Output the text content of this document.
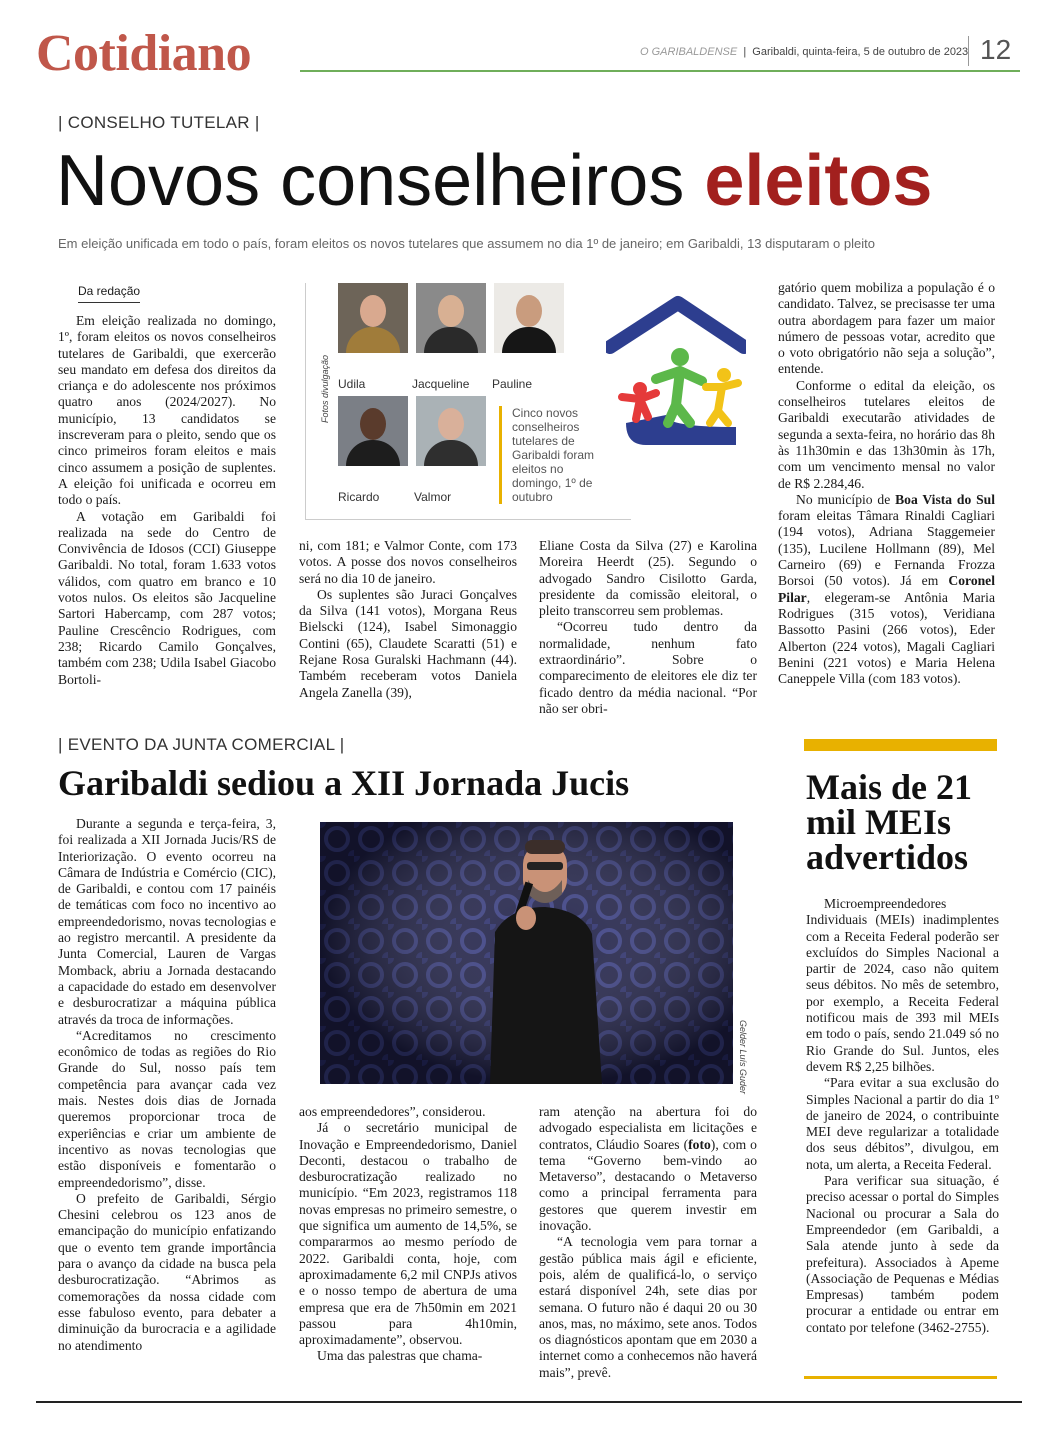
Cotidiano	O GARIBALDENSE  |  Garibaldi, quinta-feira, 5 de outubro de 2023 12
| CONSELHO TUTELAR |
Novos conselheiros eleitos
Em eleição unificada em todo o país, foram eleitos os novos tutelares que assumem no dia 1º de janeiro; em Garibaldi, 13 disputaram o pleito
Da redação

Em eleição realizada no domingo, 1º, foram eleitos os novos conselheiros tutelares de Garibaldi, que exercerão seu mandato em defesa dos direitos da criança e do adolescente nos próximos quatro anos (2024/2027). No município, 13 candidatos se inscreveram para o pleito, sendo que os cinco primeiros foram eleitos e mais cinco assumem a posição de suplentes. A eleição foi unificada e ocorreu em todo o país.

A votação em Garibaldi foi realizada na sede do Centro de Convivência de Idosos (CCI) Giuseppe Garibaldi. No total, foram 1.633 votos válidos, com quatro em branco e 10 votos nulos. Os eleitos são Jacqueline Sartori Habercamp, com 287 votos; Pauline Crescêncio Rodrigues, com 238; Ricardo Camilo Gonçalves, também com 238; Udila Isabel Giacobo Bortoli-

ni, com 181; e Valmor Conte, com 173 votos. A posse dos novos conselheiros será no dia 10 de janeiro.

Os suplentes são Juraci Gonçalves da Silva (141 votos), Morgana Reus Bielscki (124), Isabel Simonaggio Contini (65), Claudete Scaratti (51) e Rejane Rosa Guralski Hachmann (44). Também receberam votos Daniela Angela Zanella (39),

Eliane Costa da Silva (27) e Karolina Moreira Heerdt (25). Segundo o advogado Sandro Cisilotto Garda, presidente da comissão eleitoral, o pleito transcorreu sem problemas.

“Ocorreu tudo dentro da normalidade, nenhum fato extraordinário”. Sobre o comparecimento de eleitores ele diz ter ficado dentro da média nacional. “Por não ser obri-

gatório quem mobiliza a população é o candidato. Talvez, se precisasse ter uma outra abordagem para fazer um maior número de pessoas votar, acredito que o voto obrigatório não seja a solução”, entende.

Conforme o edital da eleição, os conselheiros tutelares eleitos de Garibaldi executarão atividades de segunda a sexta-feira, no horário das 8h às 11h30min e das 13h30min às 17h, com um vencimento mensal no valor de R$ 2.284,46.

No município de Boa Vista do Sul foram eleitas Tâmara Rinaldi Cagliari (194 votos), Adriana Staggemeier (135), Lucilene Hollmann (89), Mel Carneiro (69) e Fernanda Frozza Borsoi (50 votos). Já em Coronel Pilar, elegeram-se Antônia Maria Rodrigues (315 votos), Veridiana Bassotto Pasini (266 votos), Eder Alberton (224 votos), Magali Cagliari Benini (221 votos) e Maria Helena Caneppele Villa (com 183 votos).

Udila	Jacqueline Pauline
Ricardo	Valmor
Fotos divulgação	Cinco novos conselheiros tutelares de Garibaldi foram eleitos no domingo, 1º de outubro
| EVENTO DA JUNTA COMERCIAL |
Garibaldi sediou a XII Jornada Jucis
Gelder Luís Guder

Durante a segunda e terça-feira, 3, foi realizada a XII Jornada Jucis/RS de Interiorização. O evento ocorreu na Câmara de Indústria e Comércio (CIC), de Garibaldi, e contou com 17 painéis de temáticas com foco no incentivo ao empreendedorismo, novas tecnologias e ao registro mercantil. A presidente da Junta Comercial, Lauren de Vargas Momback, abriu a Jornada destacando a capacidade do estado em desenvolver e desburocratizar a máquina pública através da troca de informações.

“Acreditamos no crescimento econômico de todas as regiões do Rio Grande do Sul, nosso país tem competência para avançar cada vez mais. Nestes dois dias de Jornada queremos proporcionar troca de experiências e criar um ambiente de incentivo as novas tecnologias que estão disponíveis e fomentarão o empreendedorismo”, disse.

O prefeito de Garibaldi, Sérgio Chesini celebrou os 123 anos de emancipação do município enfatizando que o evento tem grande importância para o avanço da cidade na busca pela desburocratização. “Abrimos as comemorações da nossa cidade com esse fabuloso evento, para debater a diminuição da burocracia e a agilidade no atendimento

aos empreendedores”, considerou.

Já o secretário municipal de Inovação e Empreendedorismo, Daniel Deconti, destacou o trabalho de desburocratização realizado no município. “Em 2023, registramos 118 novas empresas no primeiro semestre, o que significa um aumento de 14,5%, se compararmos ao mesmo período de 2022. Garibaldi conta, hoje, com aproximadamente 6,2 mil CNPJs ativos e o nosso tempo de abertura de uma empresa que era de 7h50min em 2021 passou para 4h10min, aproximadamente”, observou.

Uma das palestras que chama-

ram atenção na abertura foi do advogado especialista em licitações e contratos, Cláudio Soares (foto), com o tema “Governo bem-vindo ao Metaverso”, destacando o Metaverso como a principal ferramenta para gestores que querem investir em inovação.

“A tecnologia vem para tornar a gestão pública mais ágil e eficiente, pois, além de qualificá-lo, o serviço estará disponível 24h, sete dias por semana. O futuro não é daqui 20 ou 30 anos, mas, no máximo, sete anos. Todos os diagnósticos apontam que em 2030 a internet como a conhecemos não haverá mais”, prevê.

Mais de 21 mil MEIs advertidos

Microempreendedores Individuais (MEIs) inadimplentes com a Receita Federal poderão ser excluídos do Simples Nacional a partir de 2024, caso não quitem seus débitos. No mês de setembro, por exemplo, a Receita Federal notificou mais de 393 mil MEIs em todo o país, sendo 21.049 só no Rio Grande do Sul. Juntos, eles devem R$ 2,25 bilhões.

“Para evitar a sua exclusão do Simples Nacional a partir do dia 1º de janeiro de 2024, o contribuinte MEI deve regularizar a totalidade dos seus débitos”, divulgou, em nota, um alerta, a Receita Federal.

Para verificar sua situação, é preciso acessar o portal do Simples Nacional ou procurar a Sala do Empreendedor (em Garibaldi, a Sala atende junto à sede da prefeitura). Associados à Apeme (Associação de Pequenas e Médias Empresas) também podem procurar a entidade ou entrar em contato por telefone (3462-2755).
